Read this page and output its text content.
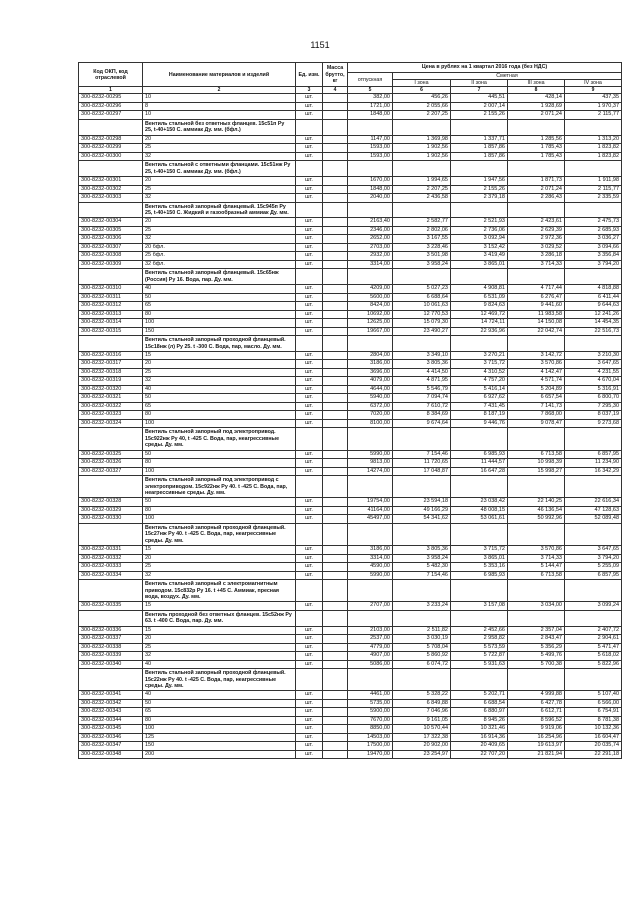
1151
Код ОКП, код отраслевой	Наименование материалов и изделий	Ед. изм.	Масса брутто, кг	Цена в рублях на 1 квартал 2016 года (без НДС)				
				отпускная	Сметная			
					I зона	II зона	III зона	IV зона
1	2	3	4	5	6	7	8	9
300-8232-00295	10	шт.		382,00	456,26	445,51	428,14	437,35
300-8232-00296	8	шт.		1721,00	2 055,66	2 007,14	1 928,69	1 970,37
300-8232-00297	10	шт.		1848,00	2 207,25	2 155,26	2 071,24	2 115,77
	Вентиль стальной без ответных фланцев. 15с51п Ру 25, t-40+150 С. аммиак Ду. мм. (бфл.)							
300-8232-00298	20	шт.		1147,00	1 369,98	1 337,71	1 285,56	1 313,20
300-8232-00299	25	шт.		1593,00	1 902,56	1 857,86	1 785,43	1 823,82
300-8232-00300	32	шт.		1593,00	1 902,56	1 857,86	1 785,43	1 823,82
	Вентиль стальной с ответными фланцами. 15с51нж Ру 25, t-40+150 С. аммиак Ду. мм. (бфл.)							
300-8232-00301	20	шт.		1670,00	1 994,65	1 947,56	1 871,73	1 911,98
300-8232-00302	25	шт.		1848,00	2 207,25	2 155,26	2 071,24	2 115,77
300-8232-00303	32	шт.		2040,00	2 436,58	2 379,18	2 286,43	2 335,59
	Вентиль стальной запорный фланцевый. 15с945п Ру 25, t-40+150 С. Жидкий и газообразный аммиак Ду. мм.							
300-8232-00304	20	шт.		2163,40	2 582,77	2 521,93	2 423,61	2 475,73
300-8232-00305	25	шт.		2346,00	2 802,06	2 736,06	2 629,39	2 685,93
300-8232-00306	32	шт.		2652,00	3 167,55	3 092,94	2 972,36	3 036,27
300-8232-00307	20 бфл.	шт.		2703,00	3 228,46	3 152,42	3 029,52	3 094,66
300-8232-00308	25 бфл.	шт.		2932,00	3 501,98	3 419,49	3 286,18	3 356,84
300-8232-00309	32 бфл.	шт.		3314,00	3 958,24	3 865,01	3 714,33	3 794,20
	Вентиль стальной запорный фланцевый. 15с65нж (Россия) Ру 16. Вода, пар. Ду. мм.							
300-8232-00310	40	шт.		4209,00	5 027,23	4 908,81	4 717,44	4 818,88
300-8232-00311	50	шт.		5600,00	6 688,64	6 531,09	6 276,47	6 411,44
300-8232-00312	65	шт.		8424,00	10 061,63	9 824,63	9 441,60	9 644,63
300-8232-00313	80	шт.		10692,00	12 770,53	12 469,72	11 983,58	12 241,26
300-8232-00314	100	шт.		12625,00	15 079,30	14 724,11	14 150,08	14 454,35
300-8232-00315	150	шт.		19667,00	23 490,27	22 936,96	22 042,74	22 516,73
	Вентиль стальной запорный проходной фланцевый. 15с18нж (л) Ру 25. t -300 С. Вода, пар, масло. Ду. мм.							
300-8232-00316	15	шт.		2804,00	3 349,10	3 270,21	3 142,72	3 210,30
300-8232-00317	20	шт.		3186,00	3 805,36	3 715,72	3 570,86	3 647,65
300-8232-00318	25	шт.		3696,00	4 414,50	4 310,52	4 142,47	4 231,55
300-8232-00319	32	шт.		4079,00	4 871,95	4 757,20	4 571,74	4 670,04
300-8232-00320	40	шт.		4644,00	5 546,79	5 416,14	5 204,89	5 316,91
300-8232-00321	50	шт.		5940,00	7 094,74	6 927,62	6 657,54	6 800,70
300-8232-00322	65	шт.		6372,00	7 610,72	7 431,45	7 141,73	7 295,30
300-8232-00323	80	шт.		7020,00	8 384,69	8 187,19	7 868,00	8 037,19
300-8232-00324	100	шт.		8100,00	9 674,64	9 446,76	9 078,47	9 273,68
	Вентиль стальной запорный под электропривод. 15с922нж Ру 40, t -425 С. Вода, пар, неагрессивные среды. Ду. мм.							
300-8232-00325	50	шт.		5990,00	7 154,46	6 985,93	6 713,58	6 857,95
300-8232-00326	80	шт.		9813,00	11 720,65	11 444,57	10 998,39	11 234,90
300-8232-00327	100	шт.		14274,00	17 048,87	16 647,28	15 998,27	16 342,29
	Вентиль стальной запорный под электропривод с электроприводом. 15с922нж Ру 40. t -425 С. Вода, пар, неагрессивные среды. Ду. мм.							
300-8232-00328	50	шт.		19754,00	23 594,18	23 038,42	22 140,25	22 616,34
300-8232-00329	80	шт.		41164,00	49 166,29	48 008,15	46 136,54	47 128,63
300-8232-00330	100	шт.		45497,00	54 341,62	53 061,61	50 992,96	52 089,48
	Вентиль стальной запорный проходной фланцевый. 15с27нж Ру 40. t -425 С. Вода, пар, неагрессивные среды. Ду. мм.							
300-8232-00331	15	шт.		3186,00	3 805,36	3 715,72	3 570,86	3 647,65
300-8232-00332	20	шт.		3314,00	3 958,24	3 865,01	3 714,33	3 794,20
300-8232-00333	25	шт.		4590,00	5 482,30	5 353,16	5 144,47	5 255,09
300-8232-00334	32	шт.		5990,00	7 154,46	6 985,93	6 713,58	6 857,95
	Вентиль стальной запорный с электромагнитным приводом. 15с832р Ру 16. t +45 С. Аммиак, пресная вода, воздух. Ду. мм.							
300-8232-00335	15	шт.		2707,00	3 233,24	3 157,08	3 034,00	3 099,24
	Вентиль проходной без ответных фланцев. 15с52нж Ру 63. t -400 С. Вода, пар. Ду. мм.							
300-8232-00336	15	шт.		2103,00	2 511,82	2 452,66	2 357,04	2 407,72
300-8232-00337	20	шт.		2537,00	3 030,19	2 958,82	2 843,47	2 904,61
300-8232-00338	25	шт.		4779,00	5 708,04	5 573,59	5 356,29	5 471,47
300-8232-00339	32	шт.		4907,00	5 860,92	5 722,87	5 499,76	5 618,02
300-8232-00340	40	шт.		5086,00	6 074,72	5 931,63	5 700,38	5 822,96
	Вентиль стальной запорный проходной фланцевый. 15с22нж Ру 40. t -425 С. Вода, пар, неагрессивные среды. Ду. мм.							
300-8232-00341	40	шт.		4461,00	5 328,22	5 202,71	4 999,88	5 107,40
300-8232-00342	50	шт.		5735,00	6 849,88	6 688,54	6 427,78	6 566,00
300-8232-00343	65	шт.		5900,00	7 046,96	6 880,97	6 612,71	6 754,91
300-8232-00344	80	шт.		7670,00	9 161,05	8 945,26	8 596,52	8 781,38
300-8232-00345	100	шт.		8850,00	10 570,44	10 321,46	9 919,06	10 132,36
300-8232-00346	125	шт.		14503,00	17 322,38	16 914,36	16 254,96	16 604,47
300-8232-00347	150	шт.		17500,00	20 902,00	20 409,65	19 613,97	20 035,74
300-8232-00348	200	шт.		19470,00	23 254,97	22 707,20	21 821,94	22 291,18
